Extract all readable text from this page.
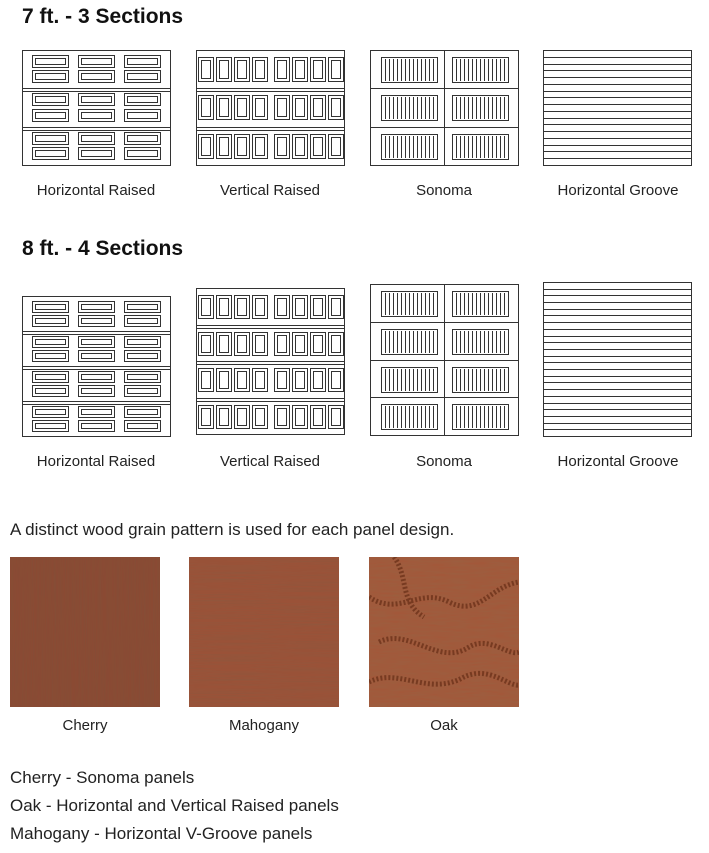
7 ft. - 3 Sections
Horizontal Raised	Vertical Raised	Sonoma	Horizontal Groove
8 ft. - 4 Sections
Horizontal Raised	Vertical Raised	Sonoma	Horizontal Groove

A distinct wood grain pattern is used for each panel design.

Cherry	Mahogany	Oak
Cherry - Sonoma panels
Oak - Horizontal and Vertical Raised panels
Mahogany - Horizontal V-Groove panels
